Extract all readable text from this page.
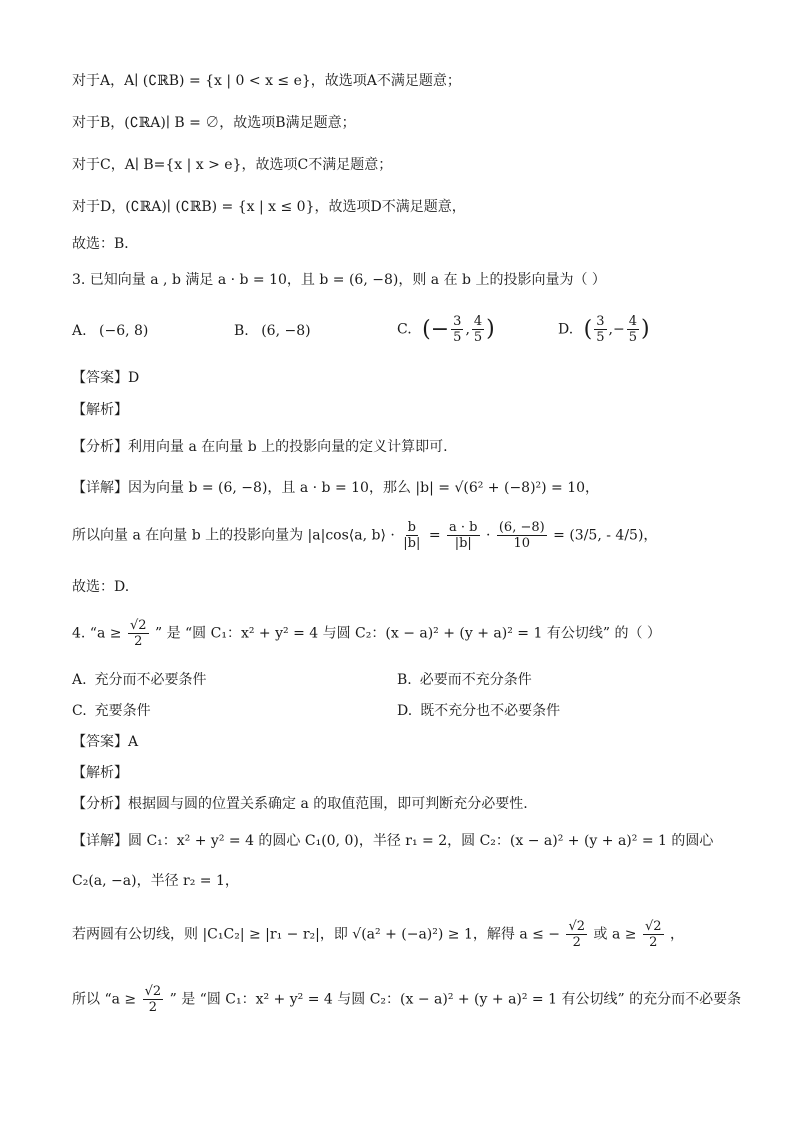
对于A，A∣ (∁ℝB) = {x | 0 < x ≤ e}，故选项A不满足题意；
对于B，(∁ℝA)∣ B = ∅，故选项B满足题意；
对于C，A∣ B={x | x > e}，故选项C不满足题意；
对于D，(∁ℝA)∣ (∁ℝB) = {x | x ≤ 0}，故选项D不满足题意，
故选：B．
3. 已知向量 a , b 满足 a · b = 10，且 b = (6, −8)，则 a 在 b 上的投影向量为（ ）
A. (−6, 8)	B. (6, −8)	C. (− $\frac{3}{5}$ , $\frac{4}{5}$ )	D. ( $\frac{3}{5}$ ,− $\frac{4}{5}$ )
【答案】D
【解析】
【分析】利用向量 a 在向量 b 上的投影向量的定义计算即可.
【详解】因为向量 b = (6, −8)，且 a · b = 10，那么 |b| = √(6² + (−8)²) = 10，
所以向量 a 在向量 b 上的投影向量为 |a|cos⟨a, b⟩ · $\frac{b}{|b|} = \frac{a \cdot b}{|b|} \cdot \frac{(6, -8)}{10} = (3/5$, - 4/5)，
故选：D.
4. “$a \ge \frac{√2}{2}$ ” 是 “圆 C₁：x² + y² = 4 与圆 C₂：(x − a)² + (y + a)² = 1 有公切线” 的（ ）
A. 充分而不必要条件	B. 必要而不充分条件
C. 充要条件	D. 既不充分也不必要条件
【答案】A
【解析】
【分析】根据圆与圆的位置关系确定 a 的取值范围，即可判断充分必要性.
【详解】圆 C₁：x² + y² = 4 的圆心 C₁(0, 0)，半径 r₁ = 2，圆 C₂：(x − a)² + (y + a)² = 1 的圆心
C₂(a, −a)，半径 r₂ = 1，
若两圆有公切线，则 |C₁C₂| ≥ |r₁ − r₂|，即 √(a² + (−a)²) ≥ 1，解得 a ≤ − $\frac{√2}{2}$ 或 $a \ge \frac{√2}{2}$ ，
所以 “$a \ge \frac{√2}{2}$ ” 是 “圆 C₁：x² + y² = 4 与圆 C₂：(x − a)² + (y + a)² = 1 有公切线” 的充分而不必要条
